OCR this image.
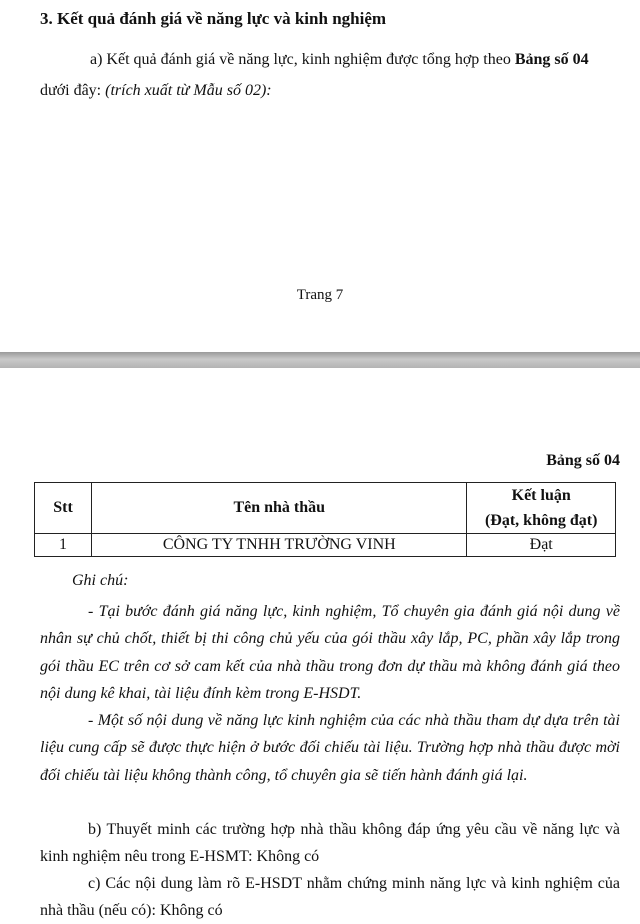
3. Kết quả đánh giá về năng lực và kinh nghiệm
a) Kết quả đánh giá về năng lực, kinh nghiệm được tổng hợp theo Bảng số 04
dưới đây: (trích xuất từ Mẫu số 02):
Trang 7
Bảng số 04
Stt	Tên nhà thầu	Kết luận
(Đạt, không đạt)

1	CÔNG TY TNHH TRƯỜNG VINH	Đạt
Ghi chú:
- Tại bước đánh giá năng lực, kinh nghiệm, Tổ chuyên gia đánh giá nội dung về nhân sự chủ chốt, thiết bị thi công chủ yếu của gói thầu xây lắp, PC, phần xây lắp trong gói thầu EC trên cơ sở cam kết của nhà thầu trong đơn dự thầu mà không đánh giá theo nội dung kê khai, tài liệu đính kèm trong E-HSDT.
- Một số nội dung về năng lực kinh nghiệm của các nhà thầu tham dự dựa trên tài liệu cung cấp sẽ được thực hiện ở bước đối chiếu tài liệu. Trường hợp nhà thầu được mời đối chiếu tài liệu không thành công, tổ chuyên gia sẽ tiến hành đánh giá lại.
b) Thuyết minh các trường hợp nhà thầu không đáp ứng yêu cầu về năng lực và kinh nghiệm nêu trong E-HSMT: Không có
c) Các nội dung làm rõ E-HSDT nhằm chứng minh năng lực và kinh nghiệm của nhà thầu (nếu có): Không có
